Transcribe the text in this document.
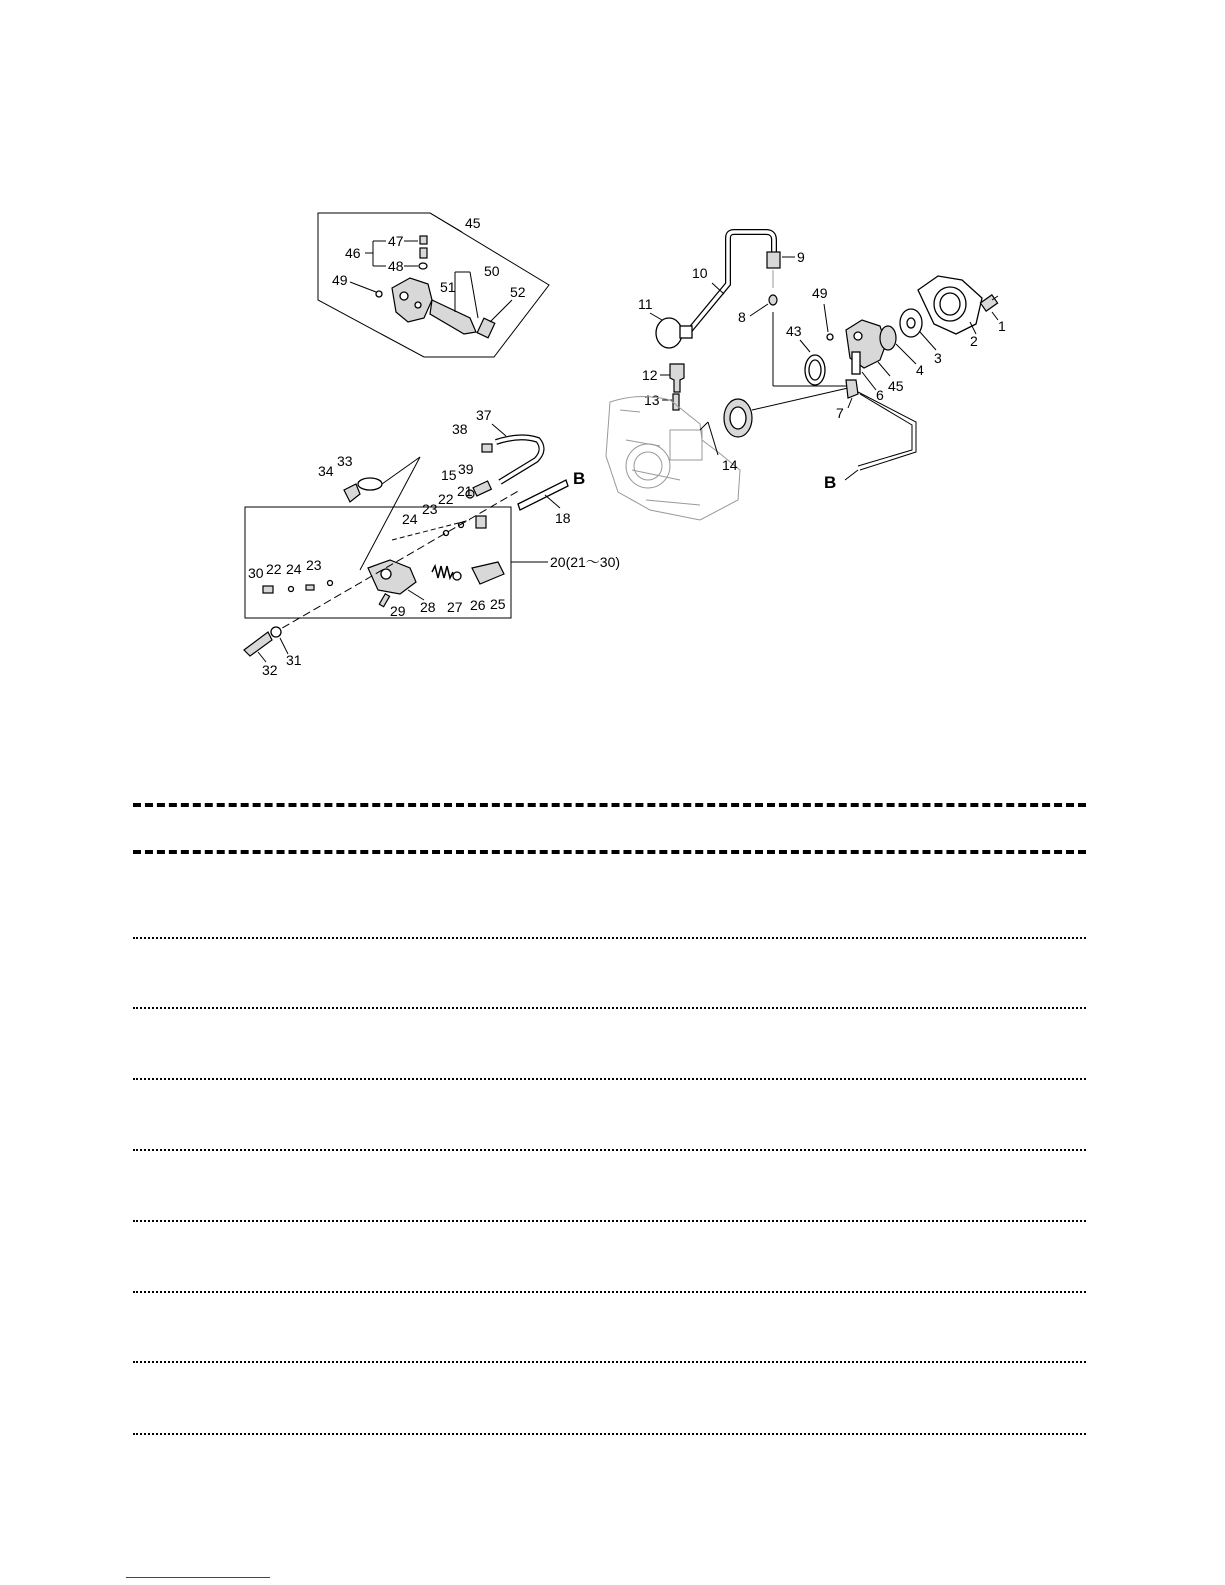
45
46
47
48
49
50
51	52
11
10
9
8
12
13
14
43
49
45
4
3
2
1
6
7
B
37
38
15 39	B
18
34
33
20(21～30)
21
22
23
24
30 22 24 23
28
29	27 26 25
31
32
